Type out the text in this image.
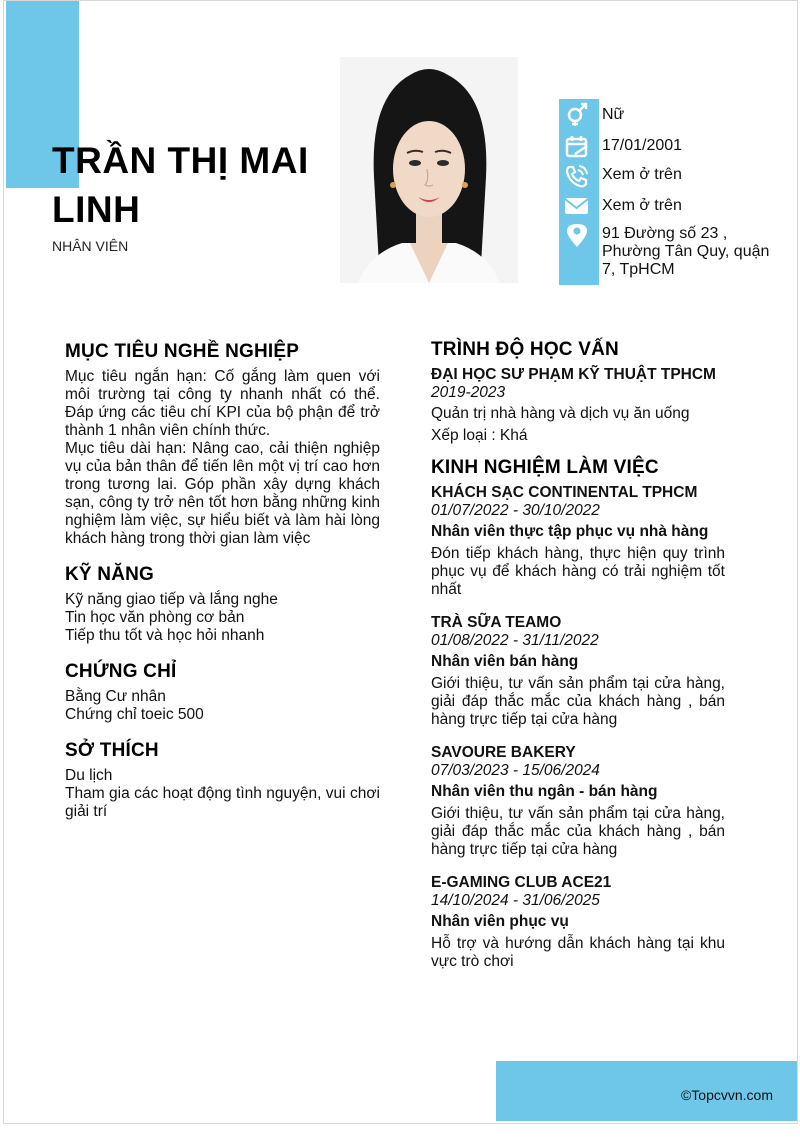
TRẦN THỊ MAI
LINH
NHÂN VIÊN
Nữ
17/01/2001
Xem ở trên
Xem ở trên
91 Đường số 23 ,
Phường Tân Quy, quận
7, TpHCM
MỤC TIÊU NGHỀ NGHIỆP

Mục tiêu ngắn hạn: Cố gắng làm quen với môi trường tại công ty nhanh nhất có thể. Đáp ứng các tiêu chí KPI của bộ phận để trở thành 1 nhân viên chính thức.

Mục tiêu dài hạn: Nâng cao, cải thiện nghiệp vụ của bản thân để tiến lên một vị trí cao hơn trong tương lai. Góp phần xây dựng khách sạn, công ty trở nên tốt hơn bằng những kinh nghiệm làm việc, sự hiểu biết và làm hài lòng khách hàng trong thời gian làm việc

KỸ NĂNG
Kỹ năng giao tiếp và lắng nghe
Tin học văn phòng cơ bản
Tiếp thu tốt và học hỏi nhanh
CHỨNG CHỈ
Bằng Cư nhân
Chứng chỉ toeic 500
SỞ THÍCH
Du lịch

Tham gia các hoạt động tình nguyện, vui chơi giải trí

TRÌNH ĐỘ HỌC VẤN
ĐẠI HỌC SƯ PHẠM KỸ THUẬT TPHCM
2019-2023
Quản trị nhà hàng và dịch vụ ăn uống
Xếp loại : Khá
KINH NGHIỆM LÀM VIỆC
KHÁCH SẠC CONTINENTAL TPHCM
01/07/2022 - 30/10/2022
Nhân viên thực tập phục vụ nhà hàng
Đón tiếp khách hàng, thực hiện quy trình phục vụ để khách hàng có trải nghiệm tốt nhất
TRÀ SỮA TEAMO
01/08/2022 - 31/11/2022
Nhân viên bán hàng
Giới thiệu, tư vấn sản phẩm tại cửa hàng, giải đáp thắc mắc của khách hàng , bán hàng trực tiếp tại cửa hàng
SAVOURE BAKERY
07/03/2023 - 15/06/2024
Nhân viên thu ngân - bán hàng
Giới thiệu, tư vấn sản phẩm tại cửa hàng, giải đáp thắc mắc của khách hàng , bán hàng trực tiếp tại cửa hàng
E-GAMING CLUB ACE21
14/10/2024 - 31/06/2025
Nhân viên phục vụ
Hỗ trợ và hướng dẫn khách hàng tại khu vực trò chơi
©Topcvvn.com
